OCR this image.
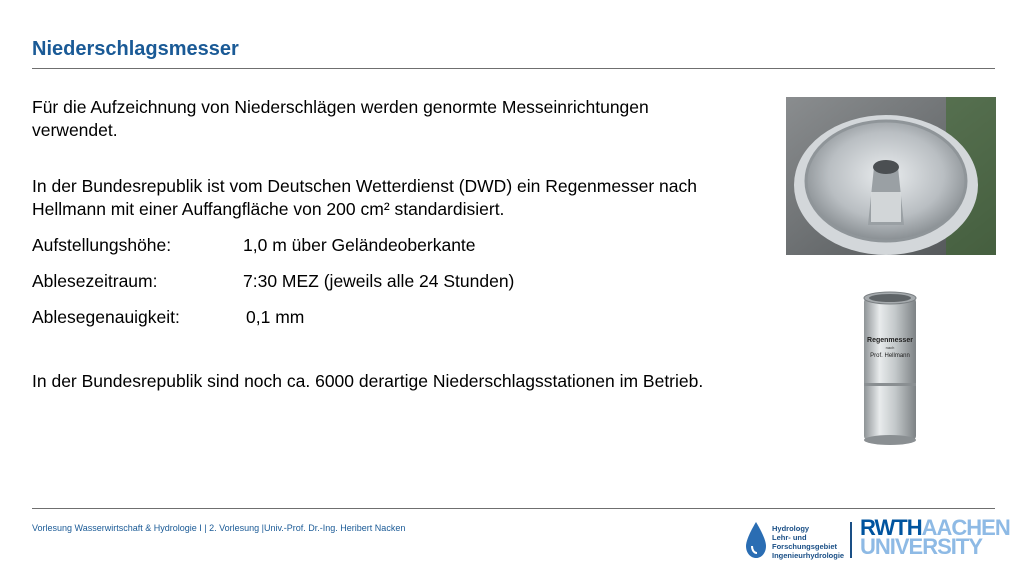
Niederschlagsmesser
Für die Aufzeichnung von Niederschlägen werden genormte Messeinrichtungen verwendet.
In der Bundesrepublik ist vom Deutschen Wetterdienst (DWD) ein Regenmesser nach Hellmann mit einer Auffangfläche von 200 cm² standardisiert.
Aufstellungshöhe:	1,0 m über Geländeoberkante
Ablesezeitraum:	7:30 MEZ (jeweils alle 24 Stunden)
Ablesegenauigkeit:	0,1 mm
In der Bundesrepublik sind noch ca. 6000 derartige Niederschlagsstationen im Betrieb.
Regenmesser
nach
Prof. Hellmann
Vorlesung Wasserwirtschaft & Hydrologie I | 2. Vorlesung |Univ.-Prof. Dr.-Ing. Heribert Nacken	Hydrology
Lehr- und
Forschungsgebiet
Ingenieurhydrologie
RWTHAACHEN
UNIVERSITY
